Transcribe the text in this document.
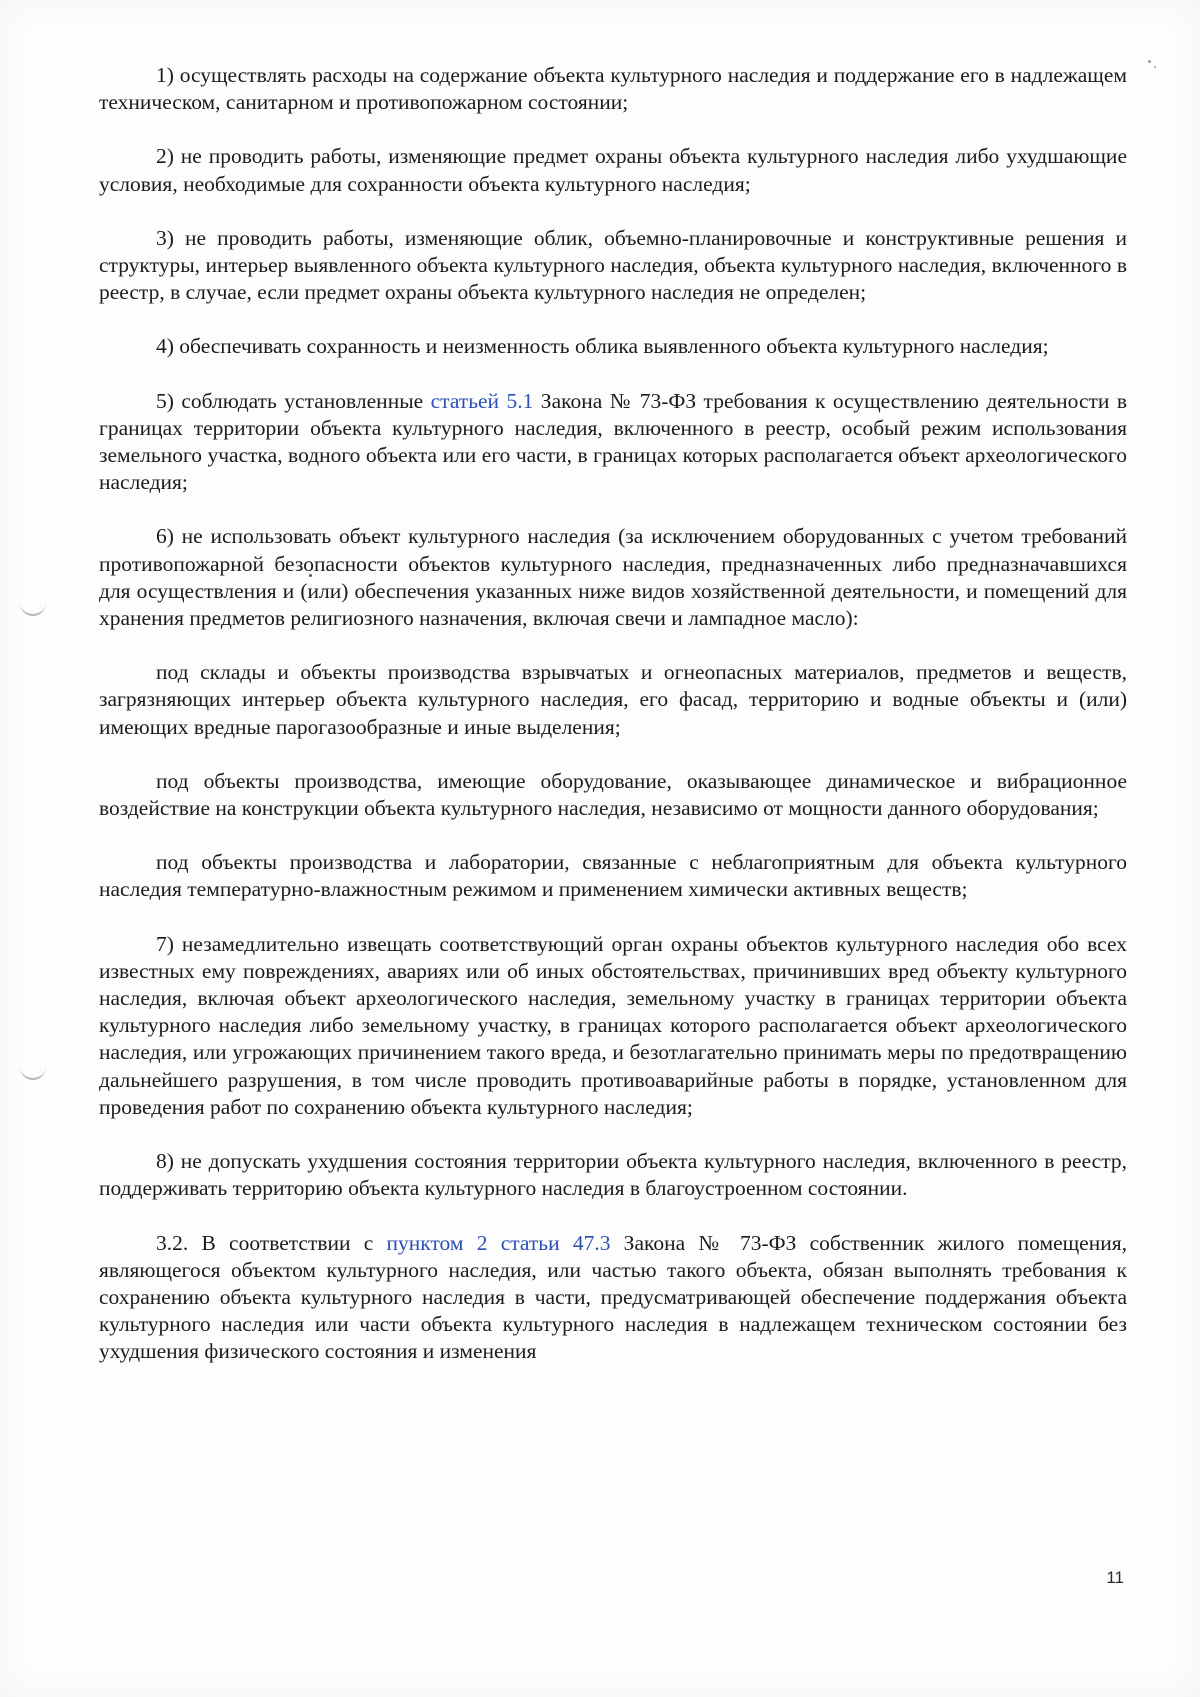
1) осуществлять расходы на содержание объекта культурного наследия и поддержание его в надлежащем техническом, санитарном и противопожарном состоянии;

2) не проводить работы, изменяющие предмет охраны объекта культурного наследия либо ухудшающие условия, необходимые для сохранности объекта культурного наследия;

3) не проводить работы, изменяющие облик, объемно-планировочные и конструктивные решения и структуры, интерьер выявленного объекта культурного наследия, объекта культурного наследия, включенного в реестр, в случае, если предмет охраны объекта культурного наследия не определен;

4) обеспечивать сохранность и неизменность облика выявленного объекта культурного наследия;

5) соблюдать установленные статьей 5.1 Закона № 73-ФЗ требования к осуществлению деятельности в границах территории объекта культурного наследия, включенного в реестр, особый режим использования земельного участка, водного объекта или его части, в границах которых располагается объект археологического наследия;

6) не использовать объект культурного наследия (за исключением оборудованных с учетом требований противопожарной безопасности объектов культурного наследия, предназначенных либо предназначавшихся для осуществления и (или) обеспечения указанных ниже видов хозяйственной деятельности, и помещений для хранения предметов религиозного назначения, включая свечи и лампадное масло):

под склады и объекты производства взрывчатых и огнеопасных материалов, предметов и веществ, загрязняющих интерьер объекта культурного наследия, его фасад, территорию и водные объекты и (или) имеющих вредные парогазообразные и иные выделения;

под объекты производства, имеющие оборудование, оказывающее динамическое и вибрационное воздействие на конструкции объекта культурного наследия, независимо от мощности данного оборудования;

под объекты производства и лаборатории, связанные с неблагоприятным для объекта культурного наследия температурно-влажностным режимом и применением химически активных веществ;

7) незамедлительно извещать соответствующий орган охраны объектов культурного наследия обо всех известных ему повреждениях, авариях или об иных обстоятельствах, причинивших вред объекту культурного наследия, включая объект археологического наследия, земельному участку в границах территории объекта культурного наследия либо земельному участку, в границах которого располагается объект археологического наследия, или угрожающих причинением такого вреда, и безотлагательно принимать меры по предотвращению дальнейшего разрушения, в том числе проводить противоаварийные работы в порядке, установленном для проведения работ по сохранению объекта культурного наследия;

8) не допускать ухудшения состояния территории объекта культурного наследия, включенного в реестр, поддерживать территорию объекта культурного наследия в благоустроенном состоянии.

3.2. В соответствии с пунктом 2 статьи 47.3 Закона № 73-ФЗ собственник жилого помещения, являющегося объектом культурного наследия, или частью такого объекта, обязан выполнять требования к сохранению объекта культурного наследия в части, предусматривающей обеспечение поддержания объекта культурного наследия или части объекта культурного наследия в надлежащем техническом состоянии без ухудшения физического состояния и изменения

11
